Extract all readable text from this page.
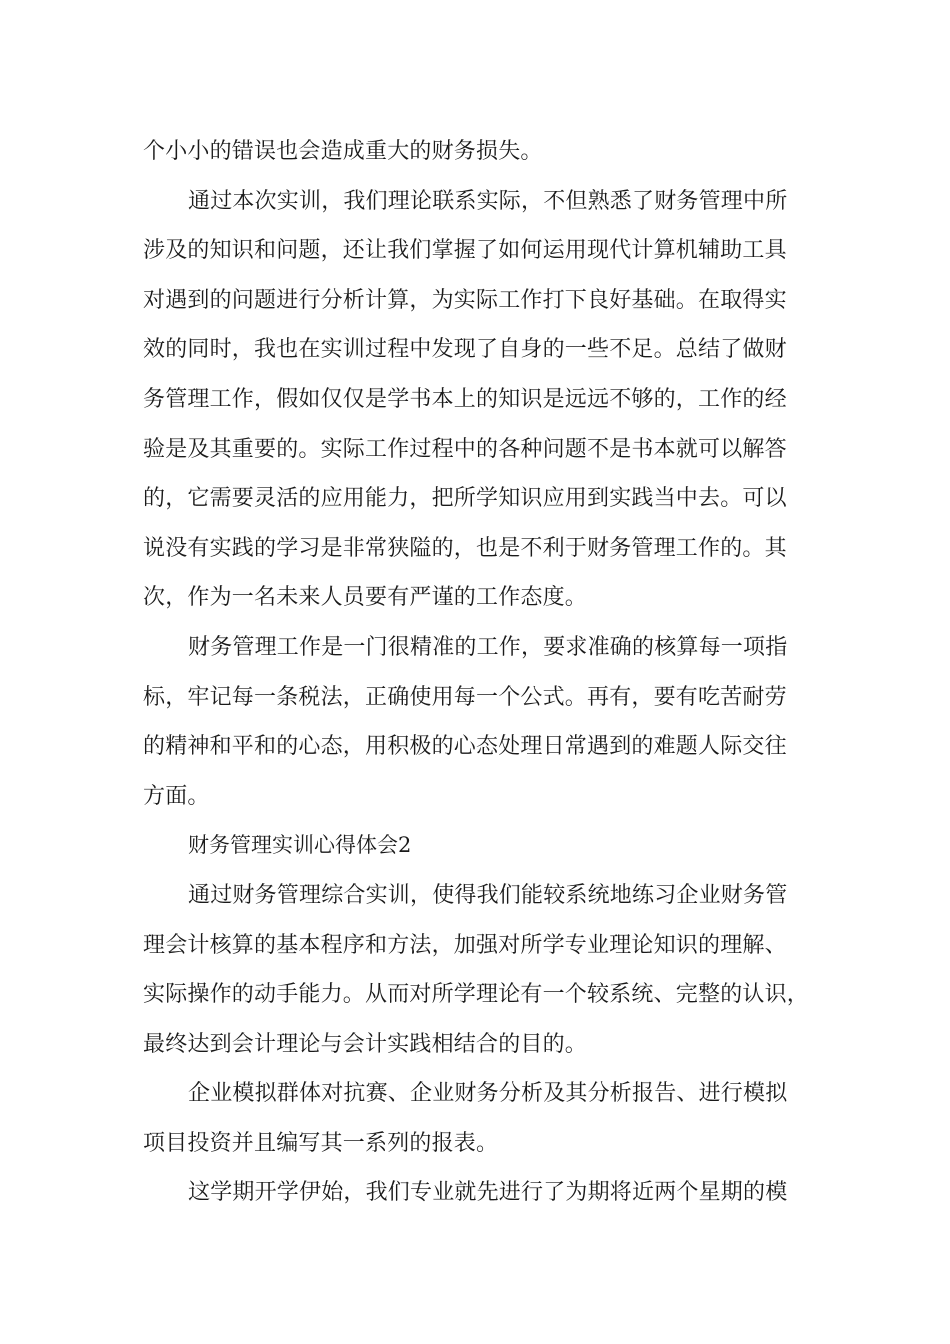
个小小的错误也会造成重大的财务损失。
通过本次实训，我们理论联系实际，不但熟悉了财务管理中所
涉及的知识和问题，还让我们掌握了如何运用现代计算机辅助工具
对遇到的问题进行分析计算，为实际工作打下良好基础。在取得实
效的同时，我也在实训过程中发现了自身的一些不足。总结了做财
务管理工作，假如仅仅是学书本上的知识是远远不够的，工作的经
验是及其重要的。实际工作过程中的各种问题不是书本就可以解答
的，它需要灵活的应用能力，把所学知识应用到实践当中去。可以
说没有实践的学习是非常狭隘的，也是不利于财务管理工作的。其
次，作为一名未来人员要有严谨的工作态度。
财务管理工作是一门很精准的工作，要求准确的核算每一项指
标，牢记每一条税法，正确使用每一个公式。再有，要有吃苦耐劳
的精神和平和的心态，用积极的心态处理日常遇到的难题人际交往
方面。
财务管理实训心得体会2
通过财务管理综合实训，使得我们能较系统地练习企业财务管
理会计核算的基本程序和方法，加强对所学专业理论知识的理解、
实际操作的动手能力。从而对所学理论有一个较系统、完整的认识，
最终达到会计理论与会计实践相结合的目的。
企业模拟群体对抗赛、企业财务分析及其分析报告、进行模拟
项目投资并且编写其一系列的报表。
这学期开学伊始，我们专业就先进行了为期将近两个星期的模
